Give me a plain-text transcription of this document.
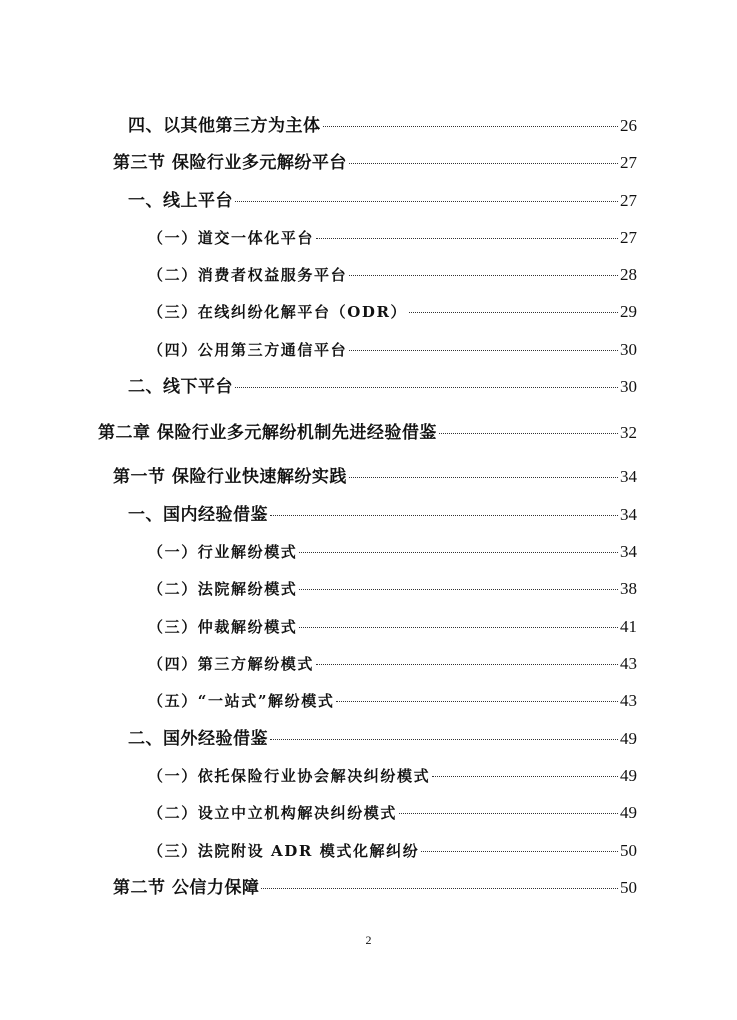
四、以其他第三方为主体	26
第三节 保险行业多元解纷平台	27
一、线上平台	27
（一）道交一体化平台	27
（二）消费者权益服务平台	28
（三）在线纠纷化解平台（ODR）	29
（四）公用第三方通信平台	30
二、线下平台	30
第二章 保险行业多元解纷机制先进经验借鉴	32
第一节 保险行业快速解纷实践	34
一、国内经验借鉴	34
（一）行业解纷模式	34
（二）法院解纷模式	38
（三）仲裁解纷模式	41
（四）第三方解纷模式	43
（五）“一站式”解纷模式	43
二、国外经验借鉴	49
（一）依托保险行业协会解决纠纷模式	49
（二）设立中立机构解决纠纷模式	49
（三）法院附设 ADR 模式化解纠纷	50
第二节 公信力保障	50
2
